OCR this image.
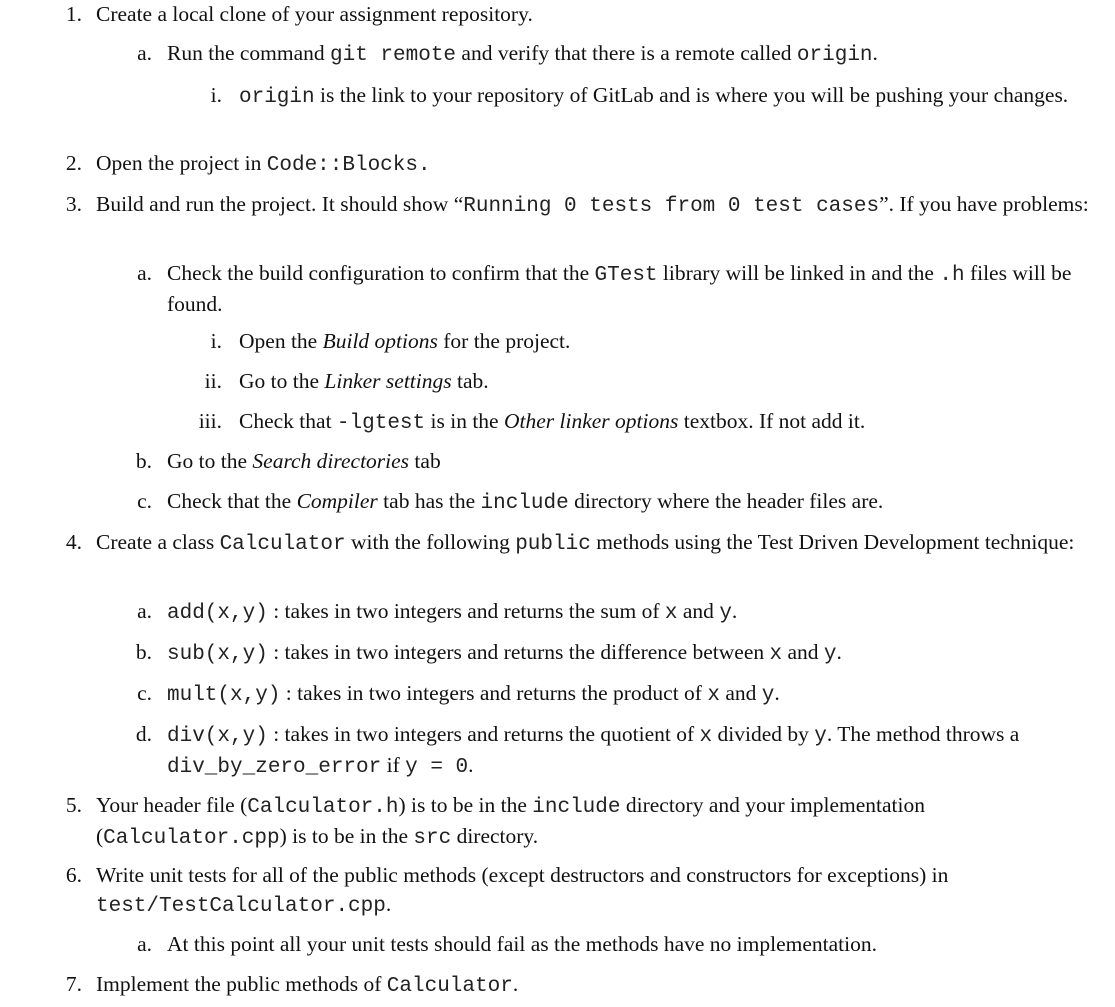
1. Create a local clone of your assignment repository.
a. Run the command git remote and verify that there is a remote called origin.
i. origin is the link to your repository of GitLab and is where you will be pushing your changes.
2. Open the project in Code::Blocks.
3. Build and run the project. It should show “Running 0 tests from 0 test cases”. If you have problems:
a. Check the build configuration to confirm that the GTest library will be linked in and the .h files will be found.
i. Open the Build options for the project.
ii. Go to the Linker settings tab.
iii. Check that -lgtest is in the Other linker options textbox. If not add it.
b. Go to the Search directories tab
c. Check that the Compiler tab has the include directory where the header files are.
4. Create a class Calculator with the following public methods using the Test Driven Development technique:
a. add(x,y) : takes in two integers and returns the sum of x and y.
b. sub(x,y) : takes in two integers and returns the difference between x and y.
c. mult(x,y) : takes in two integers and returns the product of x and y.
d. div(x,y) : takes in two integers and returns the quotient of x divided by y. The method throws a div_by_zero_error if y = 0.
5. Your header file (Calculator.h) is to be in the include directory and your implementation (Calculator.cpp) is to be in the src directory.
6. Write unit tests for all of the public methods (except destructors and constructors for exceptions) in test/TestCalculator.cpp.
a. At this point all your unit tests should fail as the methods have no implementation.
7. Implement the public methods of Calculator.
